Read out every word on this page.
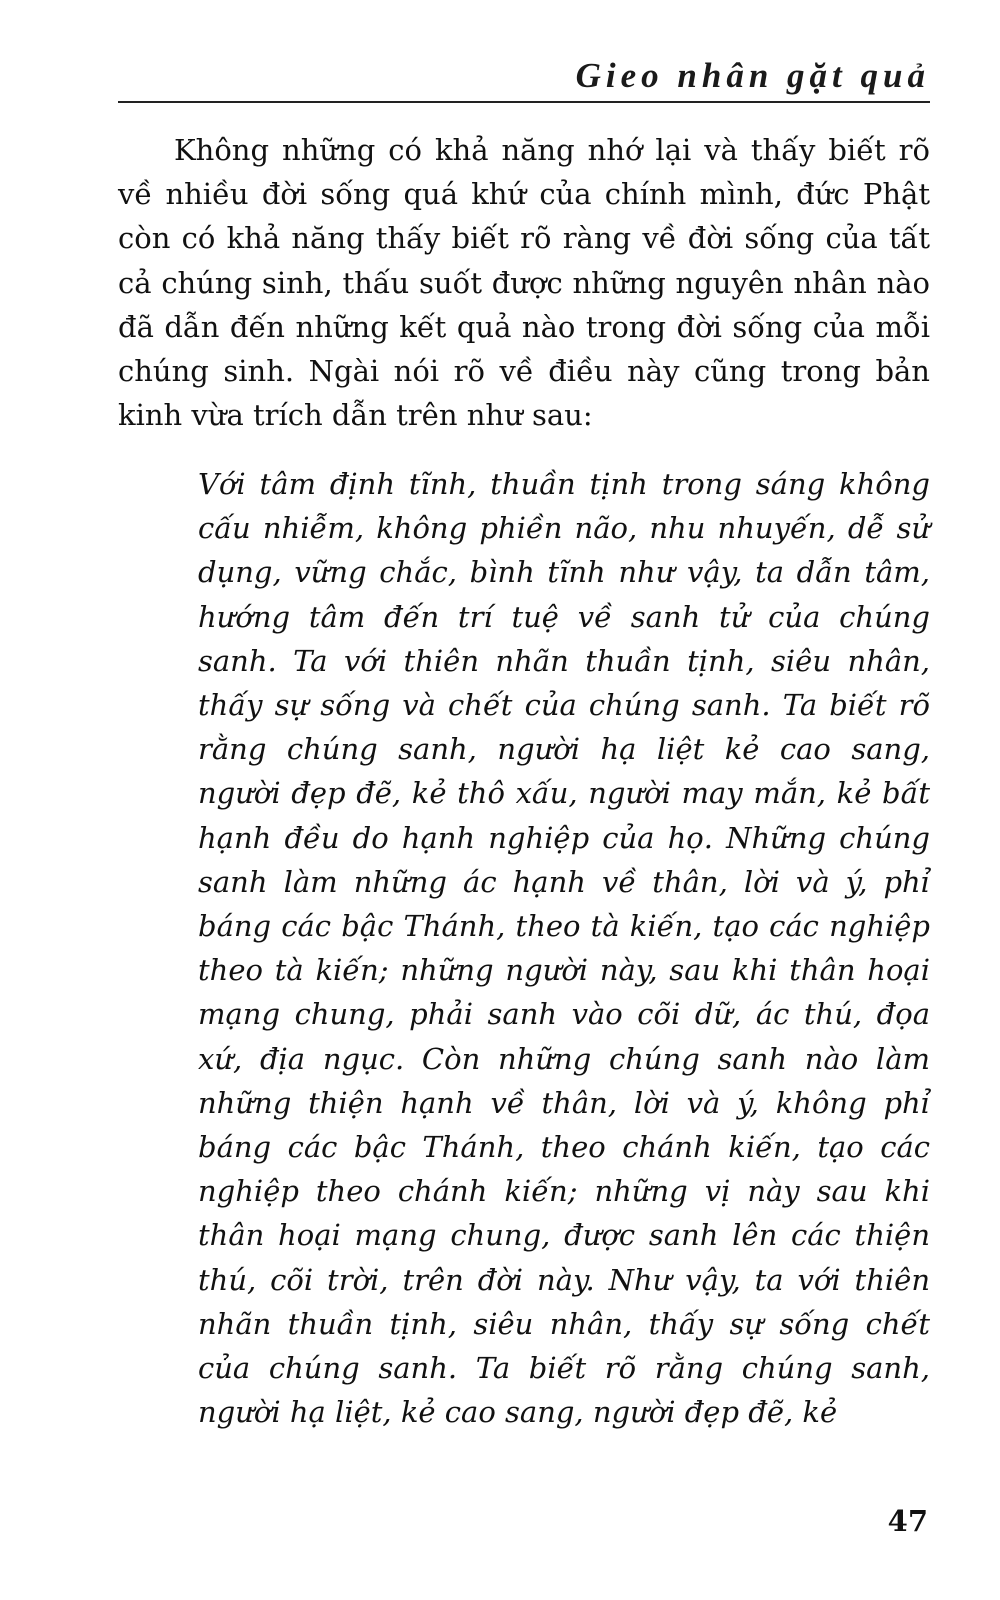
Gieo nhân gặt quả

Không những có khả năng nhớ lại và thấy biết rõ về nhiều đời sống quá khứ của chính mình, đức Phật còn có khả năng thấy biết rõ ràng về đời sống của tất cả chúng sinh, thấu suốt được những nguyên nhân nào đã dẫn đến những kết quả nào trong đời sống của mỗi chúng sinh. Ngài nói rõ về điều này cũng trong bản kinh vừa trích dẫn trên như sau:

Với tâm định tĩnh, thuần tịnh trong sáng không cấu nhiễm, không phiền não, nhu nhuyến, dễ sử dụng, vững chắc, bình tĩnh như vậy, ta dẫn tâm, hướng tâm đến trí tuệ về sanh tử của chúng sanh. Ta với thiên nhãn thuần tịnh, siêu nhân, thấy sự sống và chết của chúng sanh. Ta biết rõ rằng chúng sanh, người hạ liệt kẻ cao sang, người đẹp đẽ, kẻ thô xấu, người may mắn, kẻ bất hạnh đều do hạnh nghiệp của họ. Những chúng sanh làm những ác hạnh về thân, lời và ý, phỉ báng các bậc Thánh, theo tà kiến, tạo các nghiệp theo tà kiến; những người này, sau khi thân hoại mạng chung, phải sanh vào cõi dữ, ác thú, đọa xứ, địa ngục. Còn những chúng sanh nào làm những thiện hạnh về thân, lời và ý, không phỉ báng các bậc Thánh, theo chánh kiến, tạo các nghiệp theo chánh kiến; những vị này sau khi thân hoại mạng chung, được sanh lên các thiện thú, cõi trời, trên đời này. Như vậy, ta với thiên nhãn thuần tịnh, siêu nhân, thấy sự sống chết của chúng sanh. Ta biết rõ rằng chúng sanh, người hạ liệt, kẻ cao sang, người đẹp đẽ, kẻ

47
